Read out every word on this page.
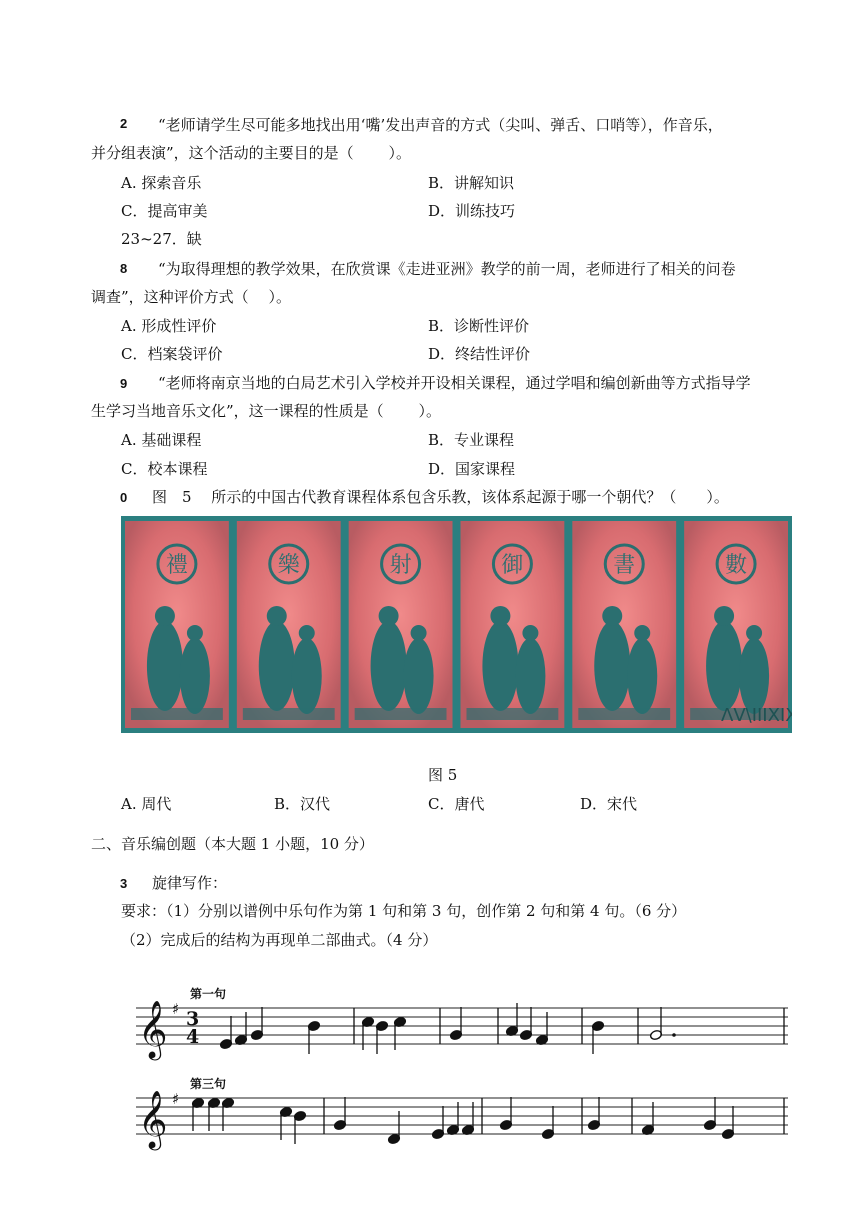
2 “老师请学生尽可能多地找出用‘嘴’发出声音的方式（尖叫、弹舌、口哨等），作音乐，
并分组表演”，这个活动的主要目的是（　　 ）。
A. 探索音乐	B．讲解知识
C．提高审美	D．训练技巧
23~27．缺
8 “为取得理想的教学效果，在欣赏课《走进亚洲》教学的前一周，老师进行了相关的问卷
调查”，这种评价方式（　 ）。
A. 形成性评价	B．诊断性评价
C．档案袋评价	D．终结性评价
9 “老师将南京当地的白局艺术引入学校并开设相关课程，通过学唱和编创新曲等方式指导学
生学习当地音乐文化”，这一课程的性质是（　　 ）。
A. 基础课程	B．专业课程
C．校本课程	D．国家课程
0 图　5　 所示的中国古代教育课程体系包含乐教，该体系起源于哪一个朝代？（　　）。
禮	樂	射	御	書	數
ΛV\IIIXIX
图 5
A. 周代	B．汉代	C．唐代	D．宋代
二、音乐编创题（本大题 1 小题，10 分）
3 旋律写作：
要求：（1）分别以谱例中乐句作为第 1 句和第 3 句，创作第 2 句和第 4 句。（6 分）
（2）完成后的结构为再现单二部曲式。（4 分）
第一句
𝄞 ♯ 3
4
第三句
𝄞 ♯
